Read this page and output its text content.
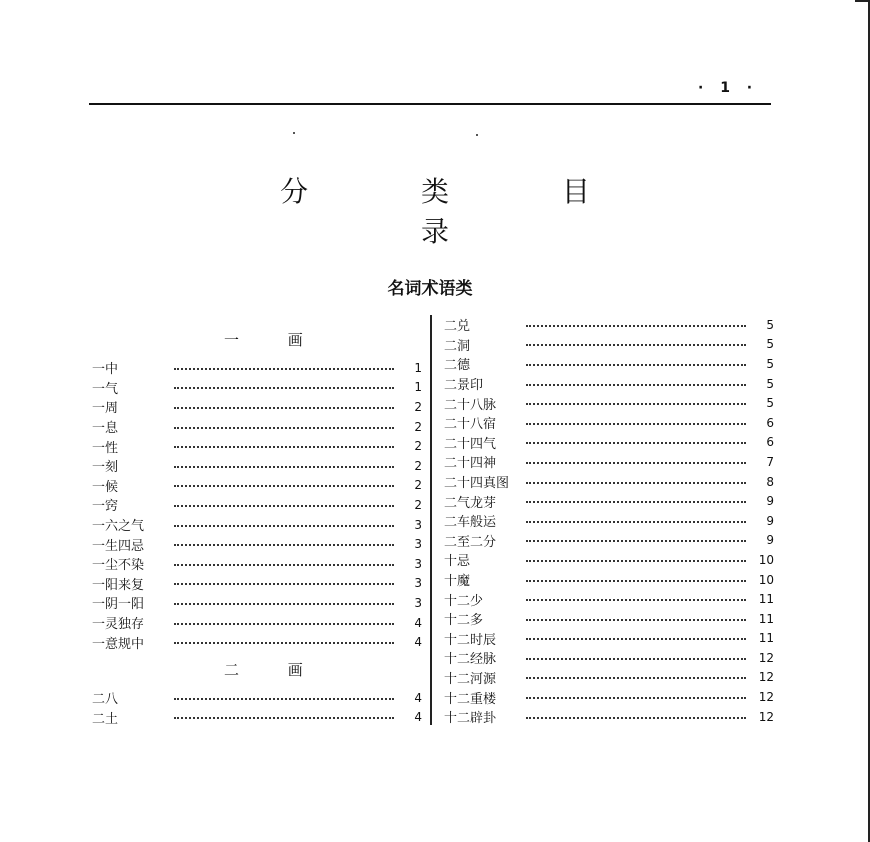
· 1 ·
分 类 目 录
名词术语类
一 画
一中	1
一气	1
一周	2
一息	2
一性	2
一刻	2
一候	2
一窍	2
一六之气	3
一生四忌	3
一尘不染	3
一阳来复	3
一阴一阳	3
一灵独存	4
一意规中	4
二 画
二八	4
二土	4
二兑	5
二洞	5
二德	5
二景印	5
二十八脉	5
二十八宿	6
二十四气	6
二十四神	7
二十四真图	8
二气龙芽	9
二车般运	9
二至二分	9
十忌	10
十魔	10
十二少	11
十二多	11
十二时辰	11
十二经脉	12
十二河源	12
十二重楼	12
十二辟卦	12
